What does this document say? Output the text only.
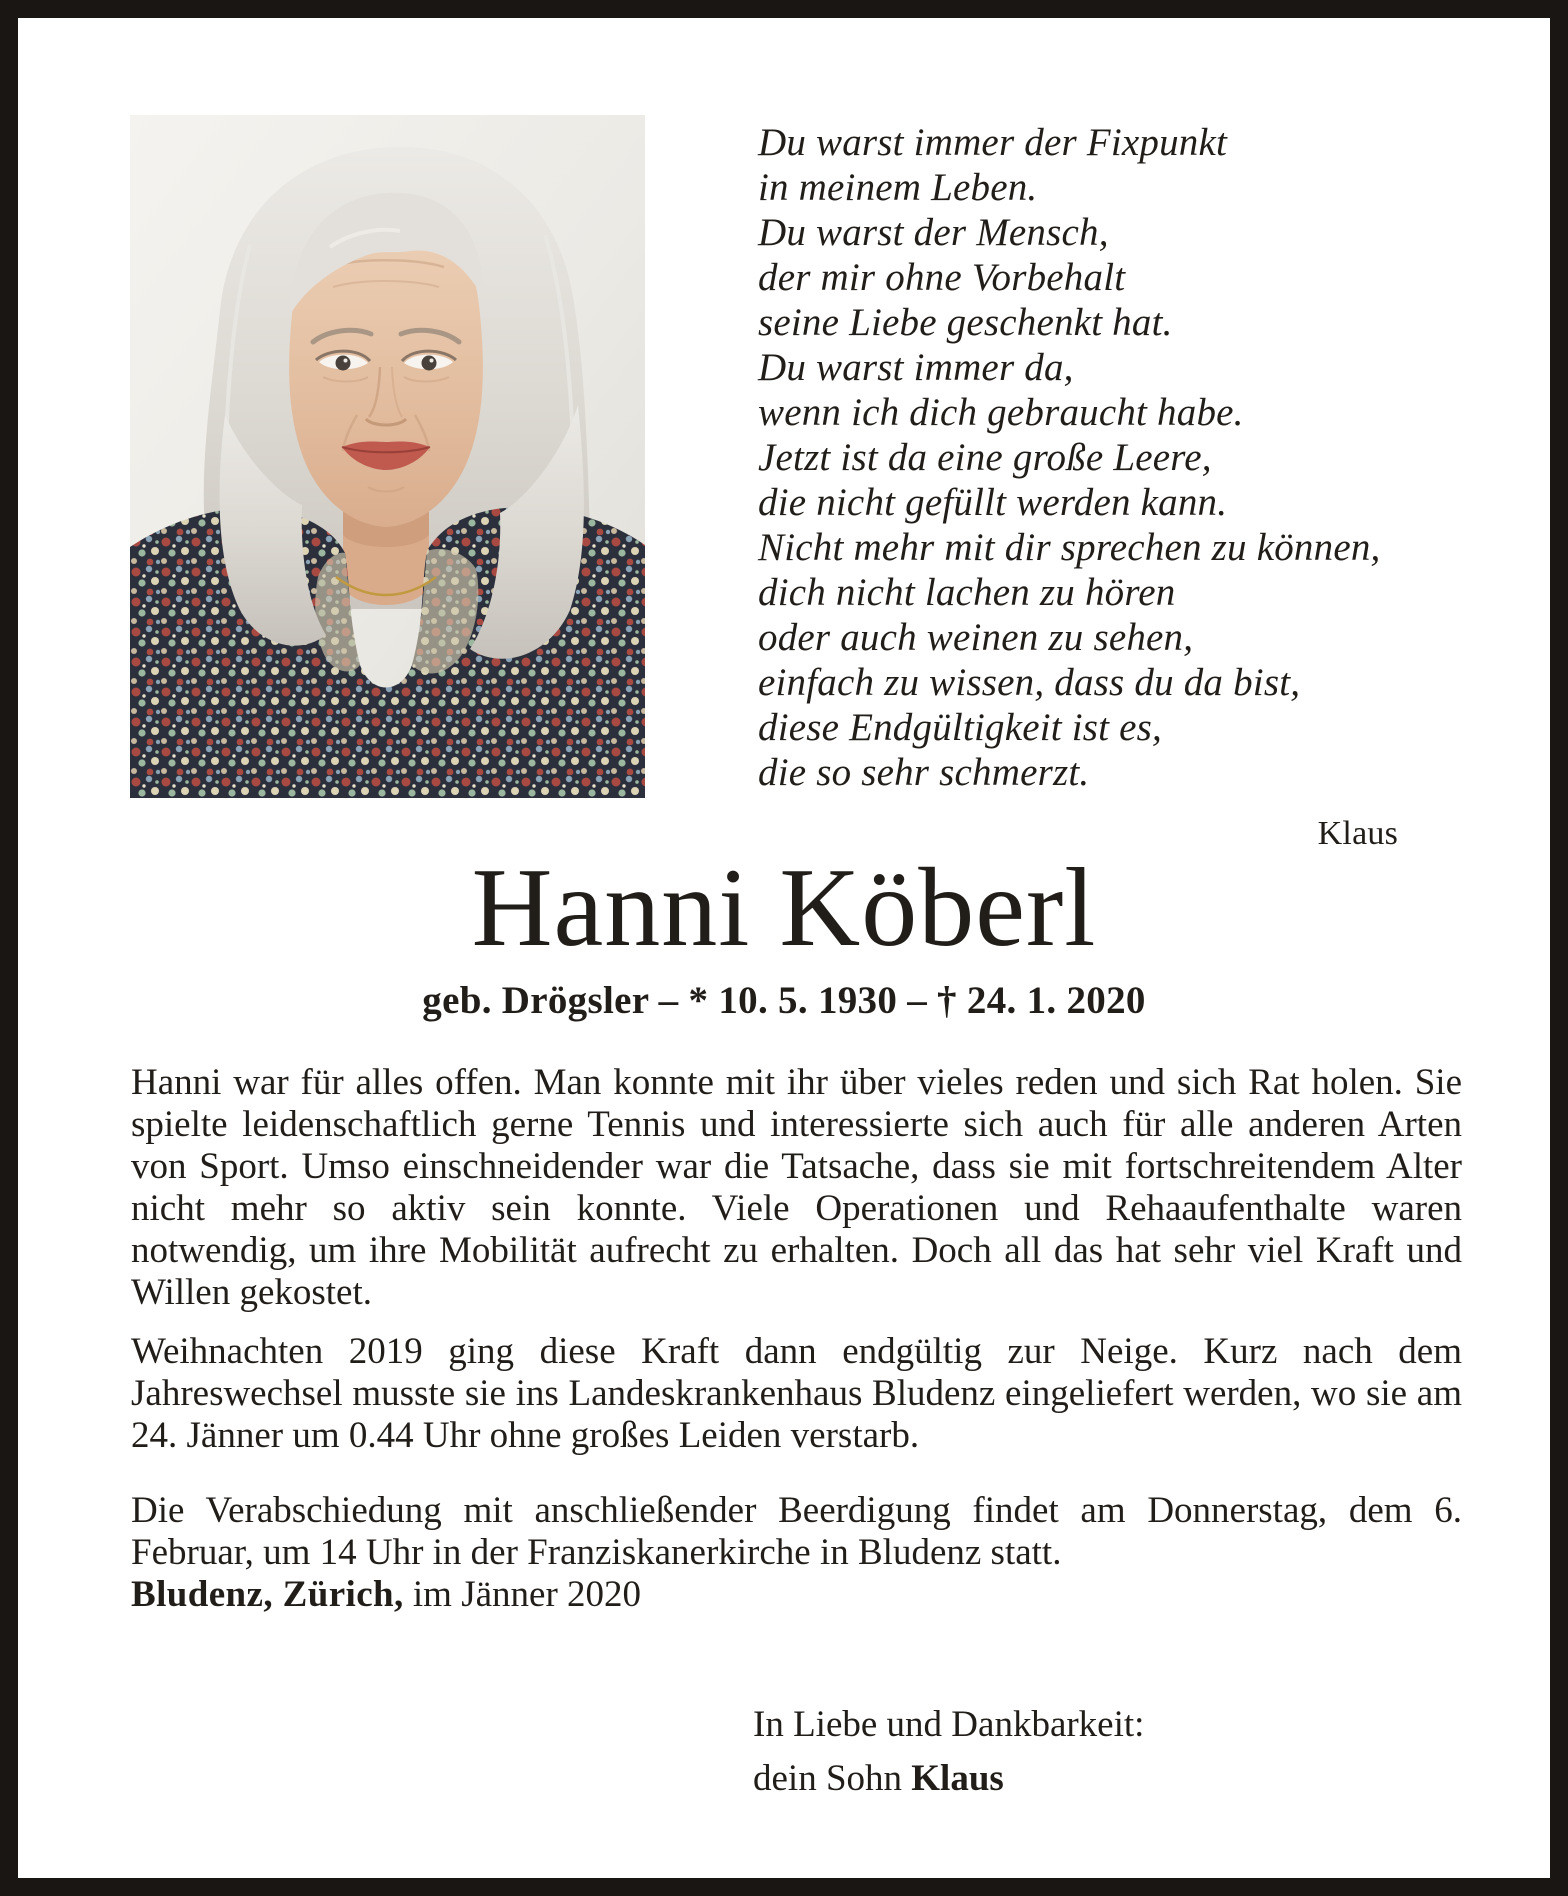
Du warst immer der Fixpunkt
in meinem Leben.
Du warst der Mensch,
der mir ohne Vorbehalt
seine Liebe geschenkt hat.
Du warst immer da,
wenn ich dich gebraucht habe.
Jetzt ist da eine große Leere,
die nicht gefüllt werden kann.
Nicht mehr mit dir sprechen zu können,
dich nicht lachen zu hören
oder auch weinen zu sehen,
einfach zu wissen, dass du da bist,
diese Endgültigkeit ist es,
die so sehr schmerzt.
Klaus
Hanni Köberl
geb. Drögsler – * 10. 5. 1930 – † 24. 1. 2020

Hanni war für alles offen. Man konnte mit ihr über vieles reden und sich Rat holen. Sie spielte leidenschaftlich gerne Tennis und interessierte sich auch für alle anderen Arten von Sport. Umso einschneidender war die Tatsache, dass sie mit fortschreitendem Alter nicht mehr so aktiv sein konnte. Viele Operationen und Rehaaufenthalte waren notwendig, um ihre Mobilität aufrecht zu erhalten. Doch all das hat sehr viel Kraft und Willen gekostet.

Weihnachten 2019 ging diese Kraft dann endgültig zur Neige. Kurz nach dem Jahreswechsel musste sie ins Landeskrankenhaus Bludenz eingeliefert werden, wo sie am 24. Jänner um 0.44 Uhr ohne großes Leiden verstarb.

Die Verabschiedung mit anschließender Beerdigung findet am Donnerstag, dem 6. Februar, um 14 Uhr in der Franziskanerkirche in Bludenz statt.

Bludenz, Zürich, im Jänner 2020

In Liebe und Dankbarkeit:
dein Sohn Klaus
